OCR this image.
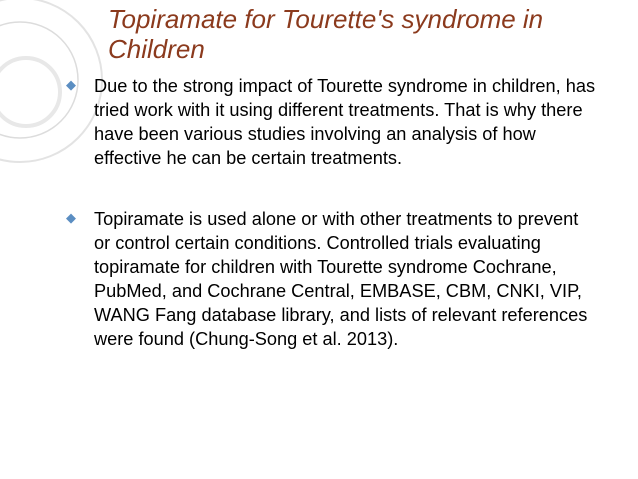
Topiramate for Tourette's syndrome in Children
◆ Due to the strong impact of Tourette syndrome in children, has tried work with it using different treatments. That is why there have been various studies involving an analysis of how effective he can be certain treatments.
◆ Topiramate is used alone or with other treatments to prevent or control certain conditions. Controlled trials evaluating topiramate for children with Tourette syndrome Cochrane, PubMed, and Cochrane Central, EMBASE, CBM, CNKI, VIP, WANG Fang database library, and lists of relevant references were found (Chung-Song et al. 2013).
